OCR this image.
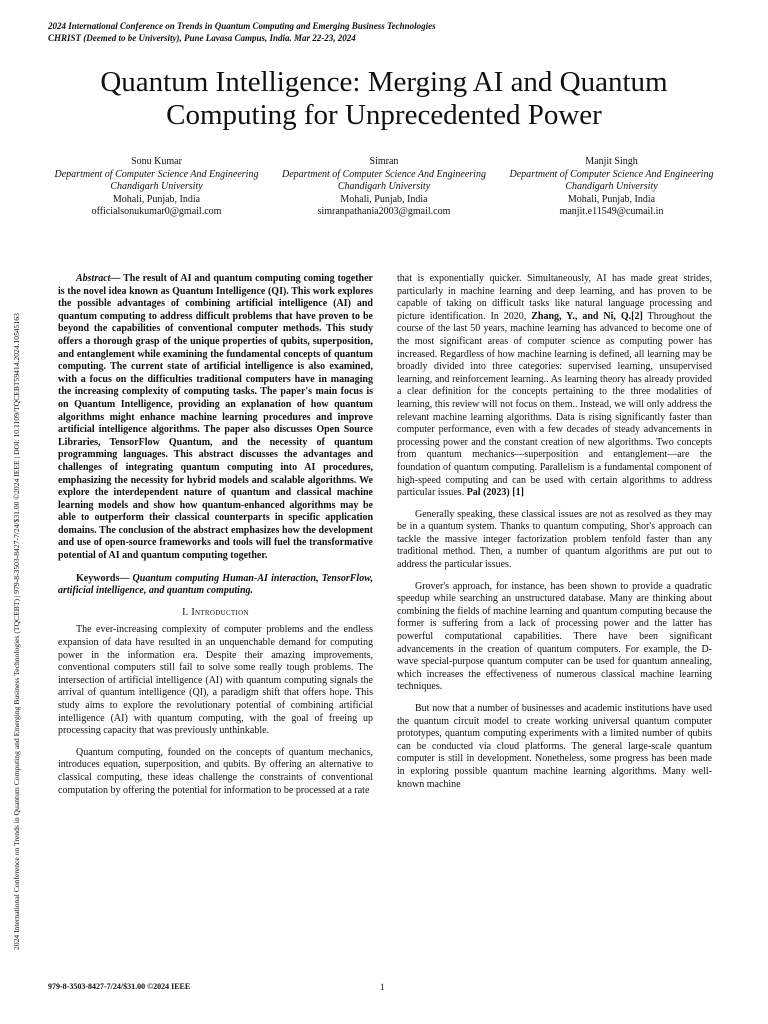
2024 International Conference on Trends in Quantum Computing and Emerging Business Technologies
CHRIST (Deemed to be University), Pune Lavasa Campus, India. Mar 22-23, 2024
2024 International Conference on Trends in Quantum Computing and Emerging Business Technologies (TQCEBT) | 979-8-3503-8427-7/24/$31.00 ©2024 IEEE | DOI: 10.1109/TQCEBT59414.2024.10545163
Quantum Intelligence: Merging AI and Quantum Computing for Unprecedented Power
Sonu Kumar
Department of Computer Science And Engineering
Chandigarh University
Mohali, Punjab, India
officialsonukumar0@gmail.com
Simran
Department of Computer Science And Engineering
Chandigarh University
Mohali, Punjab, India
simranpathania2003@gmail.com
Manjit Singh
Department of Computer Science And Engineering
Chandigarh University
Mohali, Punjab, India
manjit.e11549@cumail.in

Abstract— The result of AI and quantum computing coming together is the novel idea known as Quantum Intelligence (QI). This work explores the possible advantages of combining artificial intelligence (AI) and quantum computing to address difficult problems that have proven to be beyond the capabilities of conventional computer methods. This study offers a thorough grasp of the unique properties of qubits, superposition, and entanglement while examining the fundamental concepts of quantum computing. The current state of artificial intelligence is also examined, with a focus on the difficulties traditional computers have in managing the increasing complexity of computing tasks. The paper's main focus is on Quantum Intelligence, providing an explanation of how quantum algorithms might enhance machine learning procedures and improve artificial intelligence algorithms. The paper also discusses Open Source Libraries, TensorFlow Quantum, and the necessity of quantum programming languages. This abstract discusses the advantages and challenges of integrating quantum computing into AI procedures, emphasizing the necessity for hybrid models and scalable algorithms. We explore the interdependent nature of quantum and classical machine learning models and show how quantum-enhanced algorithms may be able to outperform their classical counterparts in specific application domains. The conclusion of the abstract emphasizes how the development and use of open-source frameworks and tools will fuel the transformative potential of AI and quantum computing together.

Keywords— Quantum computing Human-AI interaction, TensorFlow, artificial intelligence, and quantum computing.

I. Introduction

The ever-increasing complexity of computer problems and the endless expansion of data have resulted in an unquenchable demand for computing power in the information era. Despite their amazing improvements, conventional computers still fail to solve some really tough problems. The intersection of artificial intelligence (AI) with quantum computing signals the arrival of quantum intelligence (QI), a paradigm shift that offers hope. This study aims to explore the revolutionary potential of combining artificial intelligence (AI) with quantum computing, with the goal of freeing up processing capacity that was previously unthinkable.

Quantum computing, founded on the concepts of quantum mechanics, introduces equation, superposition, and qubits. By offering an alternative to classical computing, these ideas challenge the constraints of conventional computation by offering the potential for information to be processed at a rate

that is exponentially quicker. Simultaneously, AI has made great strides, particularly in machine learning and deep learning, and has proven to be capable of taking on difficult tasks like natural language processing and picture identification. In 2020, Zhang, Y., and Ni, Q.[2] Throughout the course of the last 50 years, machine learning has advanced to become one of the most significant areas of computer science as computing power has increased. Regardless of how machine learning is defined, all learning may be broadly divided into three categories: supervised learning, unsupervised learning, and reinforcement learning.. As learning theory has already provided a clear definition for the concepts pertaining to the three modalities of learning, this review will not focus on them.. Instead, we will only address the relevant machine learning algorithms. Data is rising significantly faster than computer performance, even with a few decades of steady advancements in processing power and the constant creation of new algorithms. Two concepts from quantum mechanics—superposition and entanglement—are the foundation of quantum computing. Parallelism is a fundamental component of high-speed computing and can be used with certain algorithms to address particular issues. Pal (2023) [1]

Generally speaking, these classical issues are not as resolved as they may be in a quantum system. Thanks to quantum computing, Shor's approach can tackle the massive integer factorization problem tenfold faster than any traditional method. Then, a number of quantum algorithms are put out to address the particular issues.

Grover's approach, for instance, has been shown to provide a quadratic speedup while searching an unstructured database. Many are thinking about combining the fields of machine learning and quantum computing because the former is suffering from a lack of processing power and the latter has powerful computational capabilities. There have been significant advancements in the creation of quantum computers. For example, the D-wave special-purpose quantum computer can be used for quantum annealing, which increases the effectiveness of numerous classical machine learning techniques.

But now that a number of businesses and academic institutions have used the quantum circuit model to create working universal quantum computer prototypes, quantum computing experiments with a limited number of qubits can be conducted via cloud platforms. The general large-scale quantum computer is still in development. Nonetheless, some progress has been made in exploring possible quantum machine learning algorithms. Many well-known machine

979-8-3503-8427-7/24/$31.00 ©2024 IEEE	1
